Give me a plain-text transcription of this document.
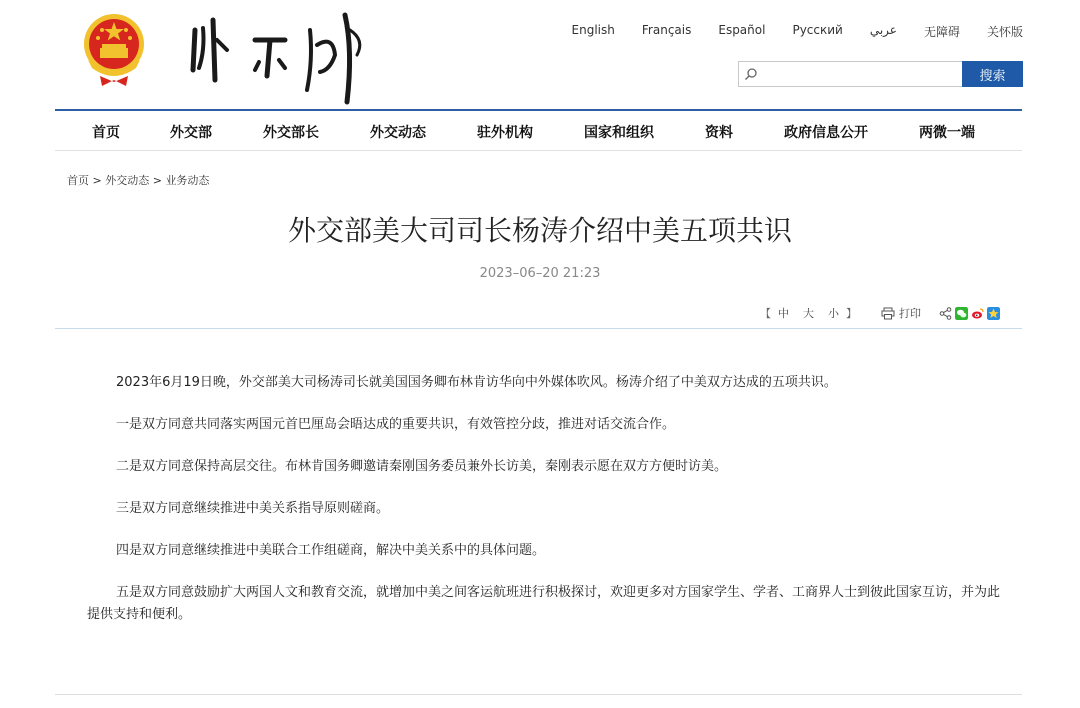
English Français Español Русский عربي 无障碍 关怀版
搜索
首页	外交部	外交部长	外交动态	驻外机构	国家和组织	资料	政府信息公开	两微一端
首页 > 外交动态 > 业务动态
外交部美大司司长杨涛介绍中美五项共识
2023–06–20 21:23
【 中 大 小 】	打印

2023年6月19日晚，外交部美大司杨涛司长就美国国务卿布林肯访华向中外媒体吹风。杨涛介绍了中美双方达成的五项共识。

一是双方同意共同落实两国元首巴厘岛会晤达成的重要共识，有效管控分歧，推进对话交流合作。

二是双方同意保持高层交往。布林肯国务卿邀请秦刚国务委员兼外长访美，秦刚表示愿在双方方便时访美。

三是双方同意继续推进中美关系指导原则磋商。

四是双方同意继续推进中美联合工作组磋商，解决中美关系中的具体问题。

五是双方同意鼓励扩大两国人文和教育交流，就增加中美之间客运航班进行积极探讨，欢迎更多对方国家学生、学者、工商界人士到彼此国家互访，并为此提供支持和便利。
